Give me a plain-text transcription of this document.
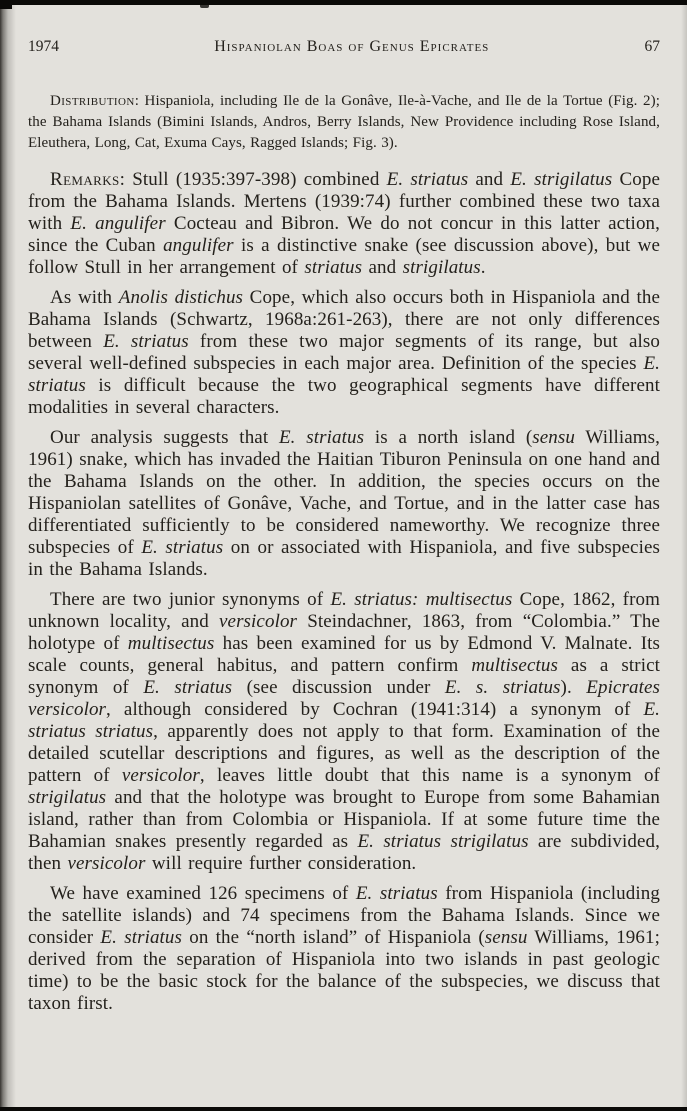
1974	Hispaniolan Boas of Genus Epicrates	67

Distribution: Hispaniola, including Ile de la Gonâve, Ile-à-Vache, and Ile de la Tortue (Fig. 2); the Bahama Islands (Bimini Islands, Andros, Berry Islands, New Providence including Rose Island, Eleuthera, Long, Cat, Exuma Cays, Ragged Islands; Fig. 3).

Remarks: Stull (1935:397-398) combined E. striatus and E. strigilatus Cope from the Bahama Islands. Mertens (1939:74) further combined these two taxa with E. angulifer Cocteau and Bibron. We do not concur in this latter action, since the Cuban angulifer is a distinctive snake (see discussion above), but we follow Stull in her arrangement of striatus and strigilatus.

As with Anolis distichus Cope, which also occurs both in Hispaniola and the Bahama Islands (Schwartz, 1968a:261-263), there are not only differences between E. striatus from these two major segments of its range, but also several well-defined subspecies in each major area. Definition of the species E. striatus is difficult because the two geographical segments have different modalities in several characters.

Our analysis suggests that E. striatus is a north island (sensu Williams, 1961) snake, which has invaded the Haitian Tiburon Peninsula on one hand and the Bahama Islands on the other. In addition, the species occurs on the Hispaniolan satellites of Gonâve, Vache, and Tortue, and in the latter case has differentiated sufficiently to be considered nameworthy. We recognize three subspecies of E. striatus on or associated with Hispaniola, and five subspecies in the Bahama Islands.

There are two junior synonyms of E. striatus: multisectus Cope, 1862, from unknown locality, and versicolor Steindachner, 1863, from “Colombia.” The holotype of multisectus has been examined for us by Edmond V. Malnate. Its scale counts, general habitus, and pattern confirm multisectus as a strict synonym of E. striatus (see discussion under E. s. striatus). Epicrates versicolor, although considered by Cochran (1941:314) a synonym of E. striatus striatus, apparently does not apply to that form. Examination of the detailed scutellar descriptions and figures, as well as the description of the pattern of versicolor, leaves little doubt that this name is a synonym of strigilatus and that the holotype was brought to Europe from some Bahamian island, rather than from Colombia or Hispaniola. If at some future time the Bahamian snakes presently regarded as E. striatus strigilatus are subdivided, then versicolor will require further consideration.

We have examined 126 specimens of E. striatus from Hispaniola (including the satellite islands) and 74 specimens from the Bahama Islands. Since we consider E. striatus on the “north island” of Hispaniola (sensu Williams, 1961; derived from the separation of Hispaniola into two islands in past geologic time) to be the basic stock for the balance of the subspecies, we discuss that taxon first.
